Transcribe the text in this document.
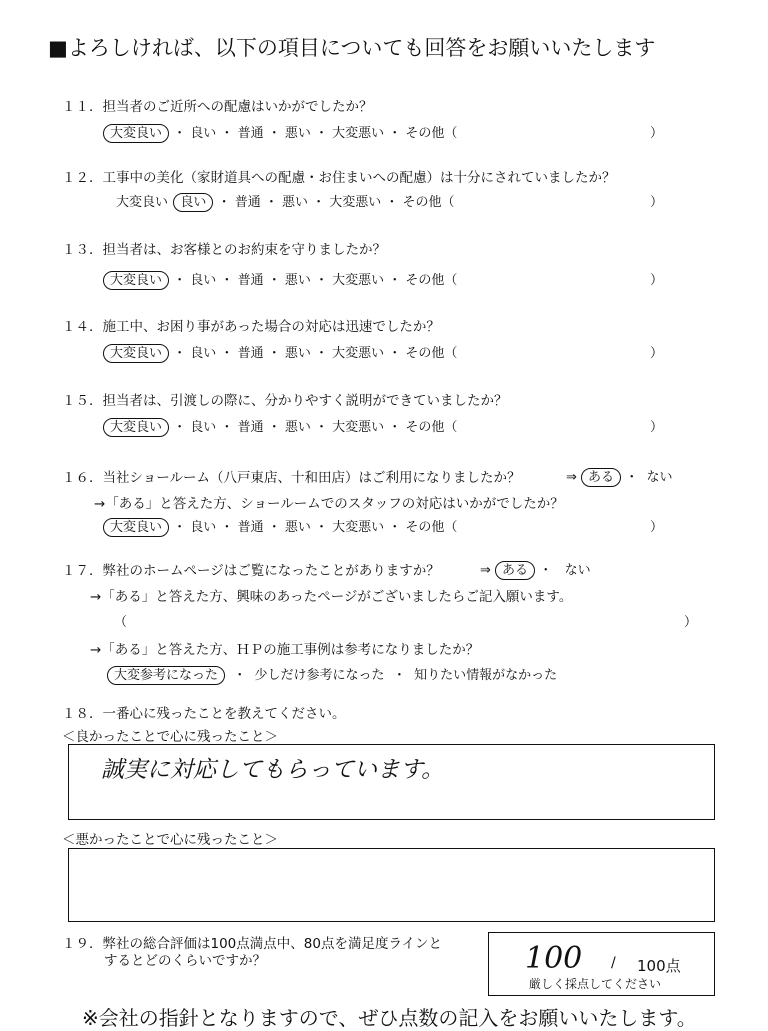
■よろしければ、以下の項目についても回答をお願いいたします
１１．担当者のご近所への配慮はいかがでしたか？
大変良い ・ 良い ・ 普通 ・ 悪い ・ 大変悪い ・ その他（	）
１２．工事中の美化（家財道具への配慮・お住まいへの配慮）は十分にされていましたか？
大変良い 良い ・ 普通 ・ 悪い ・ 大変悪い ・ その他（	）
１３．担当者は、お客様とのお約束を守りましたか？
大変良い ・ 良い ・ 普通 ・ 悪い ・ 大変悪い ・ その他（	）
１４．施工中、お困り事があった場合の対応は迅速でしたか？
大変良い ・ 良い ・ 普通 ・ 悪い ・ 大変悪い ・ その他（	）
１５．担当者は、引渡しの際に、分かりやすく説明ができていましたか？
大変良い ・ 良い ・ 普通 ・ 悪い ・ 大変悪い ・ その他（	）
１６．当社ショールーム（八戸東店、十和田店）はご利用になりましたか？	⇒ ある ・  ない
→「ある」と答えた方、ショールームでのスタッフの対応はいかがでしたか？
大変良い ・ 良い ・ 普通 ・ 悪い ・ 大変悪い ・ その他（	）
１７．弊社のホームページはご覧になったことがありますか？	⇒ ある ・   ない
→「ある」と答えた方、興味のあったページがございましたらご記入願います。
（	）
→「ある」と答えた方、ＨＰの施工事例は参考になりましたか？
大変参考になった  ・  少しだけ参考になった  ・  知りたい情報がなかった
１８．一番心に残ったことを教えてください。
＜良かったことで心に残ったこと＞
誠実に対応してもらっています。
＜悪かったことで心に残ったこと＞
１９．弊社の総合評価は100点満点中、80点を満足度ラインと
するとどのくらいですか？	100 / 100点
厳しく採点してください
※会社の指針となりますので、ぜひ点数の記入をお願いいたします。
